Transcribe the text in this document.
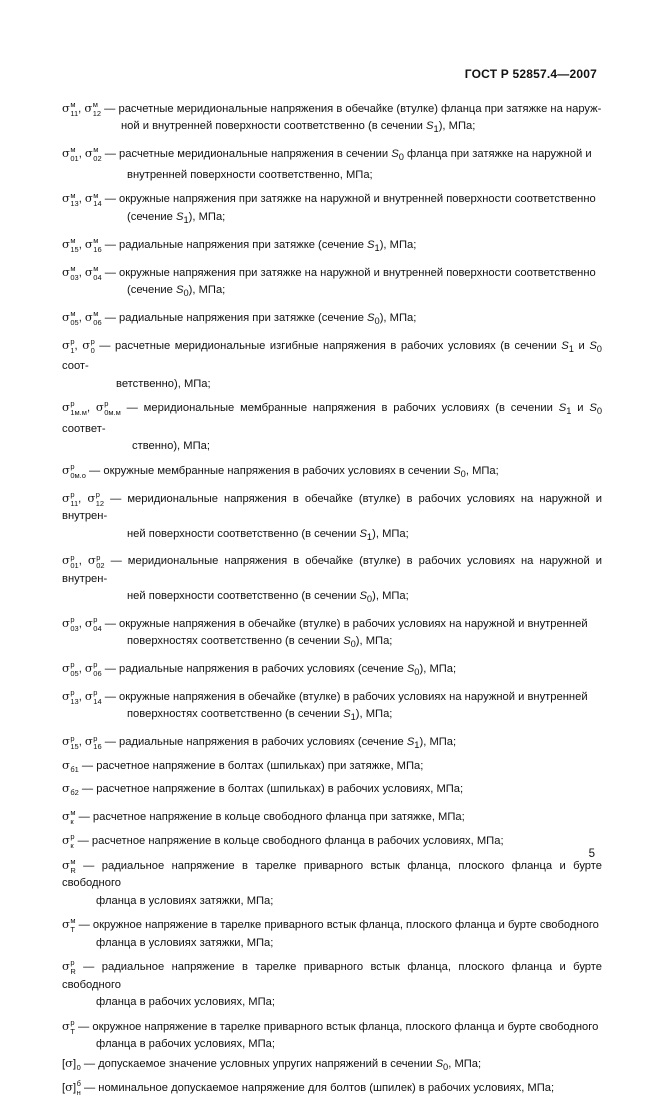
ГОСТ Р 52857.4—2007
σ м
11 , σ м
12 — расчетные меридиональные напряжения в обечайке (втулке) фланца при затяжке на наруж-
ной и внутренней поверхности соответственно (в сечении $S_1$), МПа;
σ м
01 , σ м
02 — расчетные меридиональные напряжения в сечении $S_0$ фланца при затяжке на наружной и
внутренней поверхности соответственно, МПа;
σ м
13 , σ м
14 — окружные напряжения при затяжке на наружной и внутренней поверхности соответственно
(сечение $S_1$), МПа;
σ м
15 , σ м
16 — радиальные напряжения при затяжке (сечение $S_1$), МПа;
σ м
03 , σ м
04 — окружные напряжения при затяжке на наружной и внутренней поверхности соответственно
(сечение $S_0$), МПа;
σ м
05 , σ м
06 — радиальные напряжения при затяжке (сечение $S_0$), МПа;
σ р
1 , σ р
0 — расчетные меридиональные изгибные напряжения в рабочих условиях (в сечении $S_1$ и $S_0$ соот-
ветственно), МПа;
σ р
1м.м , σ р
0м.м — меридиональные мембранные напряжения в рабочих условиях (в сечении $S_1$ и $S_0$ соответ-
ственно), МПа;
σ р
0м.о — окружные мембранные напряжения в рабочих условиях в сечении $S_0$, МПа;
σ р
11 , σ р
12 — меридиональные напряжения в обечайке (втулке) в рабочих условиях на наружной и внутрен-
ней поверхности соответственно (в сечении $S_1$), МПа;
σ р
01 , σ р
02 — меридиональные напряжения в обечайке (втулке) в рабочих условиях на наружной и внутрен-
ней поверхности соответственно (в сечении $S_0$), МПа;
σ р
03 , σ р
04 — окружные напряжения в обечайке (втулке) в рабочих условиях на наружной и внутренней
поверхностях соответственно (в сечении $S_0$), МПа;
σ р
05 , σ р
06 — радиальные напряжения в рабочих условиях (сечение $S_0$), МПа;
σ р
13 , σ р
14 — окружные напряжения в обечайке (втулке) в рабочих условиях на наружной и внутренней
поверхностях соответственно (в сечении $S_1$), МПа;
σ р
15 , σ р
16 — радиальные напряжения в рабочих условиях (сечение $S_1$), МПа;
$\sigma_{б1}$ — расчетное напряжение в болтах (шпильках) при затяжке, МПа;
$\sigma_{б2}$ — расчетное напряжение в болтах (шпильках) в рабочих условиях, МПа;
σ м
к — расчетное напряжение в кольце свободного фланца при затяжке, МПа;
σ р
к — расчетное напряжение в кольце свободного фланца в рабочих условиях, МПа;
σ м
R — радиальное напряжение в тарелке приварного встык фланца, плоского фланца и бурте свободного
фланца в условиях затяжки, МПа;
σ м
T — окружное напряжение в тарелке приварного встык фланца, плоского фланца и бурте свободного
фланца в условиях затяжки, МПа;
σ р
R — радиальное напряжение в тарелке приварного встык фланца, плоского фланца и бурте свободного
фланца в рабочих условиях, МПа;
σ р
T — окружное напряжение в тарелке приварного встык фланца, плоского фланца и бурте свободного
фланца в рабочих условиях, МПа;
$[\sigma]_0$ — допускаемое значение условных упругих напряжений в сечении $S_0$, МПа;
[σ] б
н — номинальное допускаемое напряжение для болтов (шпилек) в рабочих условиях, МПа;
5
